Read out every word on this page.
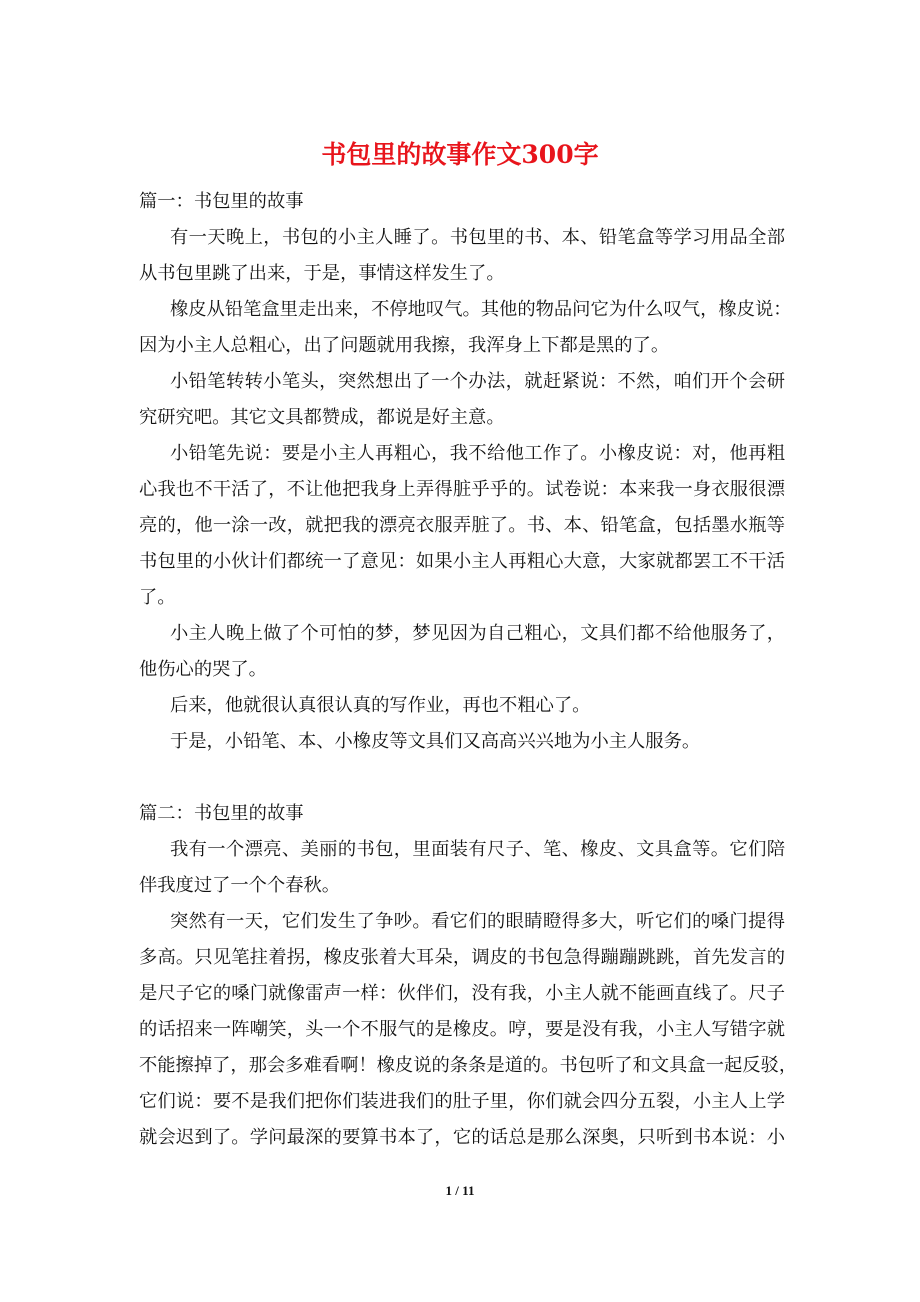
书包里的故事作文300字
篇一：书包里的故事
有一天晚上，书包的小主人睡了。书包里的书、本、铅笔盒等学习用品全部
从书包里跳了出来，于是，事情这样发生了。
橡皮从铅笔盒里走出来，不停地叹气。其他的物品问它为什么叹气，橡皮说：
因为小主人总粗心，出了问题就用我擦，我浑身上下都是黑的了。
小铅笔转转小笔头，突然想出了一个办法，就赶紧说：不然，咱们开个会研
究研究吧。其它文具都赞成，都说是好主意。
小铅笔先说：要是小主人再粗心，我不给他工作了。小橡皮说：对，他再粗
心我也不干活了，不让他把我身上弄得脏乎乎的。试卷说：本来我一身衣服很漂
亮的，他一涂一改，就把我的漂亮衣服弄脏了。书、本、铅笔盒，包括墨水瓶等
书包里的小伙计们都统一了意见：如果小主人再粗心大意，大家就都罢工不干活
了。
小主人晚上做了个可怕的梦，梦见因为自己粗心，文具们都不给他服务了，
他伤心的哭了。
后来，他就很认真很认真的写作业，再也不粗心了。
于是，小铅笔、本、小橡皮等文具们又高高兴兴地为小主人服务。
篇二：书包里的故事
我有一个漂亮、美丽的书包，里面装有尺子、笔、橡皮、文具盒等。它们陪
伴我度过了一个个春秋。
突然有一天，它们发生了争吵。看它们的眼睛瞪得多大，听它们的嗓门提得
多高。只见笔拄着拐，橡皮张着大耳朵，调皮的书包急得蹦蹦跳跳，首先发言的
是尺子它的嗓门就像雷声一样：伙伴们，没有我，小主人就不能画直线了。尺子
的话招来一阵嘲笑，头一个不服气的是橡皮。哼，要是没有我，小主人写错字就
不能擦掉了，那会多难看啊！橡皮说的条条是道的。书包听了和文具盒一起反驳，
它们说：要不是我们把你们装进我们的肚子里，你们就会四分五裂，小主人上学
就会迟到了。学问最深的要算书本了，它的话总是那么深奥，只听到书本说：小
1 / 11
